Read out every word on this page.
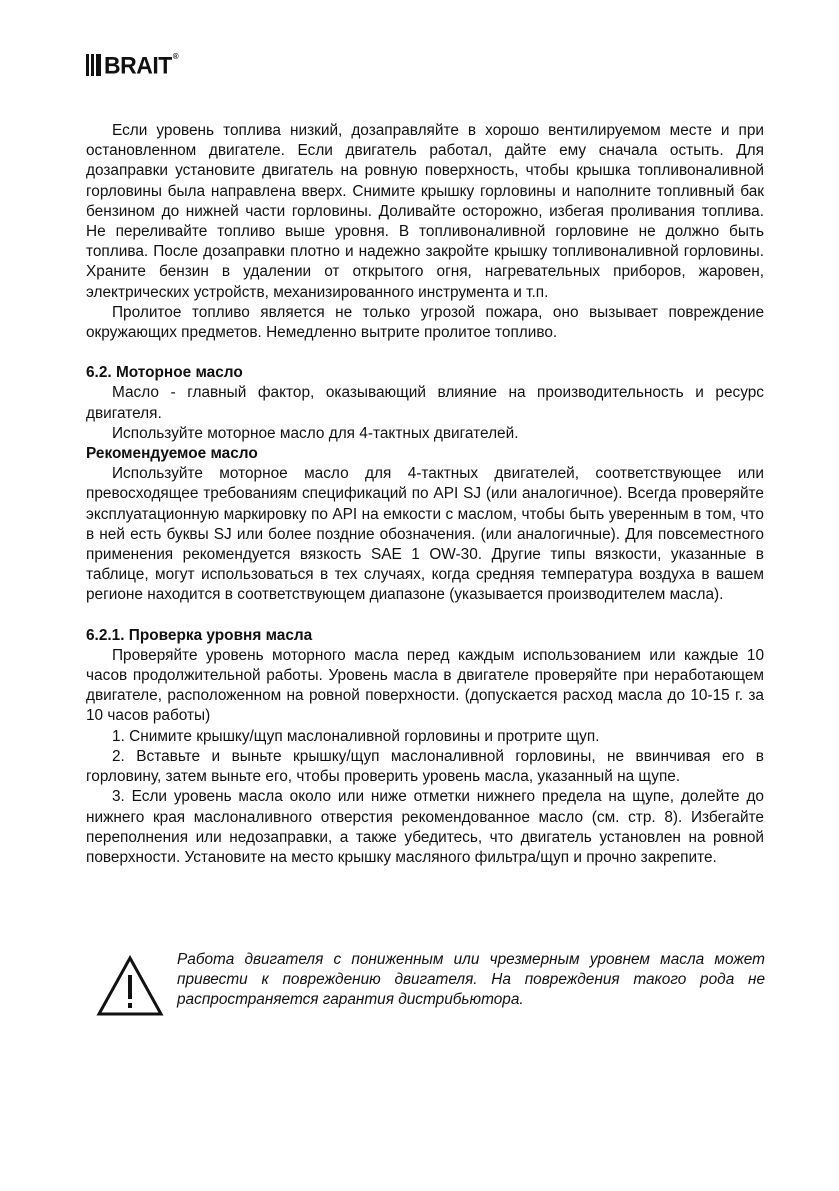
BRAIT ®

Если уровень топлива низкий, дозаправляйте в хорошо вентилируемом месте и при остановленном двигателе. Если двигатель работал, дайте ему сначала остыть. Для дозаправки установите двигатель на ровную поверхность, чтобы крышка топливоналивной горловины была направлена вверх. Снимите крышку горловины и наполните топливный бак бензином до нижней части горловины. Доливайте осторожно, избегая проливания топлива. Не переливайте топливо выше уровня. В топливоналивной горловине не должно быть топлива. После дозаправки плотно и надежно закройте крышку топливоналивной горловины. Храните бензин в удалении от открытого огня, нагревательных приборов, жаровен, электрических устройств, механизированного инструмента и т.п.

Пролитое топливо является не только угрозой пожара, оно вызывает повреждение окружающих предметов. Немедленно вытрите пролитое топливо.

6.2. Моторное масло

Масло - главный фактор, оказывающий влияние на производительность и ресурс двигателя.

Используйте моторное масло для 4-тактных двигателей.

Рекомендуемое масло

Используйте моторное масло для 4-тактных двигателей, соответствующее или превосходящее требованиям спецификаций по API SJ (или аналогичное). Всегда проверяйте эксплуатационную маркировку по API на емкости с маслом, чтобы быть уверенным в том, что в ней есть буквы SJ или более поздние обозначения. (или аналогичные). Для повсеместного применения рекомендуется вязкость SAE 1 OW-30. Другие типы вязкости, указанные в таблице, могут использоваться в тех случаях, когда средняя температура воздуха в вашем регионе находится в соответствующем диапазоне (указывается производителем масла).

6.2.1. Проверка уровня масла

Проверяйте уровень моторного масла перед каждым использованием или каждые 10 часов продолжительной работы. Уровень масла в двигателе проверяйте при неработающем двигателе, расположенном на ровной поверхности. (допускается расход масла до 10-15 г. за 10 часов работы)

1. Снимите крышку/щуп маслоналивной горловины и протрите щуп.

2. Вставьте и выньте крышку/щуп маслоналивной горловины, не ввинчивая его в горловину, затем выньте его, чтобы проверить уровень масла, указанный на щупе.

3. Если уровень масла около или ниже отметки нижнего предела на щупе, долейте до нижнего края маслоналивного отверстия рекомендованное масло (см. стр. 8). Избегайте переполнения или недозаправки, а также убедитесь, что двигатель установлен на ровной поверхности. Установите на место крышку масляного фильтра/щуп и прочно закрепите.

Работа двигателя с пониженным или чрезмерным уровнем масла может привести к повреждению двигателя. На повреждения такого рода не распространяется гарантия дистрибьютора.
